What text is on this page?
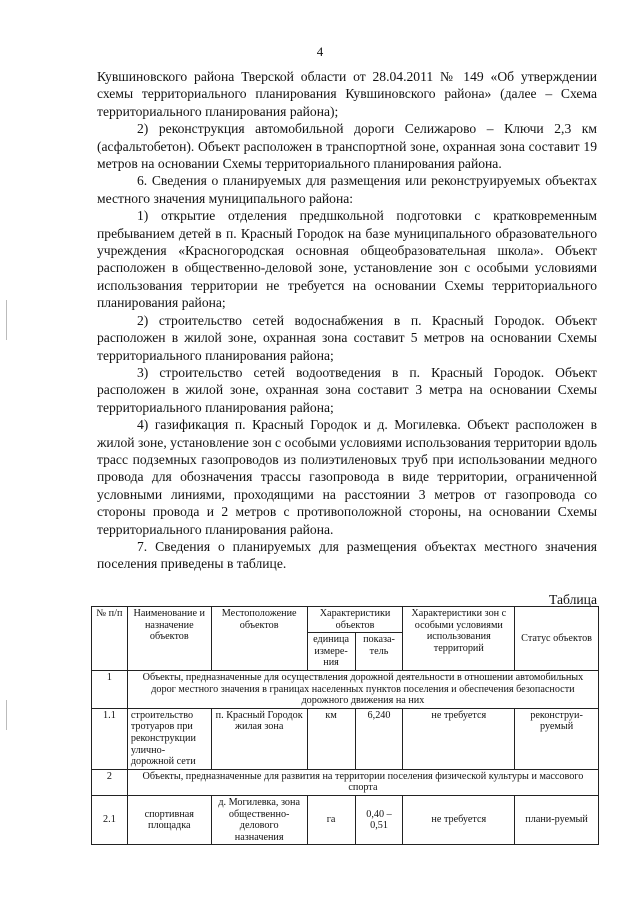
4

Кувшиновского района Тверской области от 28.04.2011 № 149 «Об утверждении схемы территориального планирования Кувшиновского района» (далее – Схема территориального планирования района);

2) реконструкция автомобильной дороги Селижарово – Ключи 2,3 км (асфальтобетон). Объект расположен в транспортной зоне, охранная зона составит 19 метров на основании Схемы территориального планирования района.

6. Сведения о планируемых для размещения или реконструируемых объектах местного значения муниципального района:

1) открытие отделения предшкольной подготовки с кратковременным пребыванием детей в п. Красный Городок на базе муниципального образовательного учреждения «Красногородская основная общеобразовательная школа». Объект расположен в общественно-деловой зоне, установление зон с особыми условиями использования территории не требуется на основании Схемы территориального планирования района;

2) строительство сетей водоснабжения в п. Красный Городок. Объект расположен в жилой зоне, охранная зона составит 5 метров на основании Схемы территориального планирования района;

3) строительство сетей водоотведения в п. Красный Городок. Объект расположен в жилой зоне, охранная зона составит 3 метра на основании Схемы территориального планирования района;

4) газификация п. Красный Городок и д. Могилевка. Объект расположен в жилой зоне, установление зон с особыми условиями использования территории вдоль трасс подземных газопроводов из полиэтиленовых труб при использовании медного провода для обозначения трассы газопровода в виде территории, ограниченной условными линиями, проходящими на расстоянии 3 метров от газопровода со стороны провода и 2 метров с противоположной стороны, на основании Схемы территориального планирования района.

7. Сведения о планируемых для размещения объектах местного значения поселения приведены в таблице.

Таблица
№ п/п	Наименование и назначение объектов	Местоположение объектов	Характеристики объектов		Характеристики зон с особыми условиями использования территорий	Статус объектов
			единица измере-ния	показа-тель		
1	Объекты, предназначенные для осуществления дорожной деятельности в отношении автомобильных дорог местного значения в границах населенных пунктов поселения и обеспечения безопасности дорожного движения на них					
1.1	строительство тротуаров при реконструкции улично-дорожной сети	п. Красный Городок жилая зона	км	6,240	не требуется	реконструи-руемый
2	Объекты, предназначенные для развития на территории поселения физической культуры и массового спорта					
2.1	спортивная площадка	д. Могилевка, зона общественно-делового назначения	га	0,40 – 0,51	не требуется	плани-руемый
